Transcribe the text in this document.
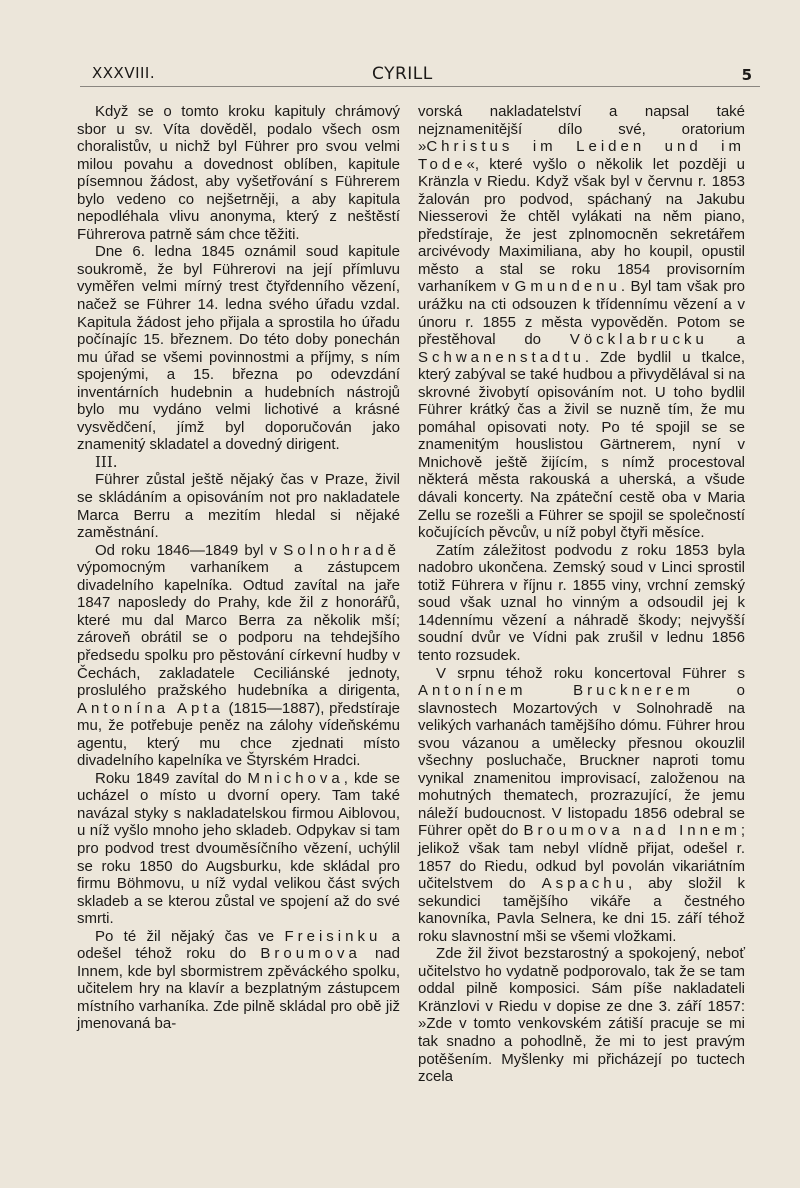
XXXVIII.	CYRILL	5

Když se o tomto kroku kapituly chrámový sbor u sv. Víta dověděl, podalo všech osm choralistův, u nichž byl Führer pro svou velmi milou povahu a dovednost oblíben, kapitule písemnou žádost, aby vyšetřování s Führerem bylo vedeno co nejšetrněji, a aby kapitula nepodléhala vlivu anonyma, který z neštěstí Führerova patrně sám chce těžiti.

Dne 6. ledna 1845 oznámil soud kapitule soukromě, že byl Führerovi na její přímluvu vyměřen velmi mírný trest čtyřdenního vězení, načež se Führer 14. ledna svého úřadu vzdal. Kapitula žádost jeho přijala a sprostila ho úřadu počínajíc 15. březnem. Do této doby ponechán mu úřad se všemi povinnostmi a příjmy, s ním spojenými, a 15. března po odevzdání inventárních hudebnin a hudebních nástrojů bylo mu vydáno velmi lichotivé a krásné vysvědčení, jímž byl doporučován jako znamenitý skladatel a dovedný dirigent.

III.

Führer zůstal ještě nějaký čas v Praze, živil se skládáním a opisováním not pro nakladatele Marca Berru a mezitím hledal si nějaké zaměstnání.

Od roku 1846—1849 byl v Solnohradě výpomocným varhaníkem a zástupcem divadelního kapelníka. Odtud zavítal na jaře 1847 naposledy do Prahy, kde žil z honorářů, které mu dal Marco Berra za několik mší; zároveň obrátil se o podporu na tehdejšího předsedu spolku pro pěstování církevní hudby v Čechách, zakladatele Ceciliánské jednoty, proslulého pražského hudebníka a dirigenta, Antonína Apta (1815—1887), předstíraje mu, že potřebuje peněz na zálohy vídeňskému agentu, který mu chce zjednati místo divadelního kapelníka ve Štyrském Hradci.

Roku 1849 zavítal do Mnichova, kde se ucházel o místo u dvorní opery. Tam také navázal styky s nakladatelskou firmou Aiblovou, u níž vyšlo mnoho jeho skladeb. Odpykav si tam pro podvod trest dvouměsíčního vězení, uchýlil se roku 1850 do Augsburku, kde skládal pro firmu Böhmovu, u níž vydal velikou část svých skladeb a se kterou zůstal ve spojení až do své smrti.

Po té žil nějaký čas ve Freisinku a odešel téhož roku do Broumova nad Innem, kde byl sbormistrem zpěváckého spolku, učitelem hry na klavír a bezplatným zástupcem místního varhaníka. Zde pilně skládal pro obě již jmenovaná ba-

vorská nakladatelství a napsal také nejznamenitější dílo své, oratorium »Christus im Leiden und im Tode«, které vyšlo o několik let později u Kränzla v Riedu. Když však byl v červnu r. 1853 žalován pro podvod, spáchaný na Jakubu Niesserovi že chtěl vylákati na něm piano, předstíraje, že jest zplnomocněn sekretářem arcivévody Maximiliana, aby ho koupil, opustil město a stal se roku 1854 provisorním varhaníkem v Gmundenu. Byl tam však pro urážku na cti odsouzen k třídennímu vězení a v únoru r. 1855 z města vypověděn. Potom se přestěhoval do Vöcklabrucku a Schwanenstadtu. Zde bydlil u tkalce, který zabýval se také hudbou a přivydělával si na skrovné živobytí opisováním not. U toho bydlil Führer krátký čas a živil se nuzně tím, že mu pomáhal opisovati noty. Po té spojil se se znamenitým houslistou Gärtnerem, nyní v Mnichově ještě žijícím, s nímž procestoval některá města rakouská a uherská, a všude dávali koncerty. Na zpáteční cestě oba v Maria Zellu se rozešli a Führer se spojil se společností kočujících pěvcův, u níž pobyl čtyři měsíce.

Zatím záležitost podvodu z roku 1853 byla nadobro ukončena. Zemský soud v Linci sprostil totiž Führera v říjnu r. 1855 viny, vrchní zemský soud však uznal ho vinným a odsoudil jej k 14dennímu vězení a náhradě škody; nejvyšší soudní dvůr ve Vídni pak zrušil v lednu 1856 tento rozsudek.

V srpnu téhož roku koncertoval Führer s Antonínem Brucknerem o slavnostech Mozartových v Solnohradě na velikých varhanách tamějšího dómu. Führer hrou svou vázanou a umělecky přesnou okouzlil všechny posluchače, Bruckner naproti tomu vynikal znamenitou improvisací, založenou na mohutných thematech, prozrazující, že jemu náleží budoucnost. V listopadu 1856 odebral se Führer opět do Broumova nad Innem; jelikož však tam nebyl vlídně přijat, odešel r. 1857 do Riedu, odkud byl povolán vikariátním učitelstvem do Aspachu, aby složil k sekundici tamějšího vikáře a čestného kanovníka, Pavla Selnera, ke dni 15. září téhož roku slavnostní mši se všemi vložkami.

Zde žil život bezstarostný a spokojený, neboť učitelstvo ho vydatně podporovalo, tak že se tam oddal pilně komposici. Sám píše nakladateli Kränzlovi v Riedu v dopise ze dne 3. září 1857: »Zde v tomto venkovském zátiší pracuje se mi tak snadno a pohodlně, že mi to jest pravým potěšením. Myšlenky mi přicházejí po tuctech zcela
